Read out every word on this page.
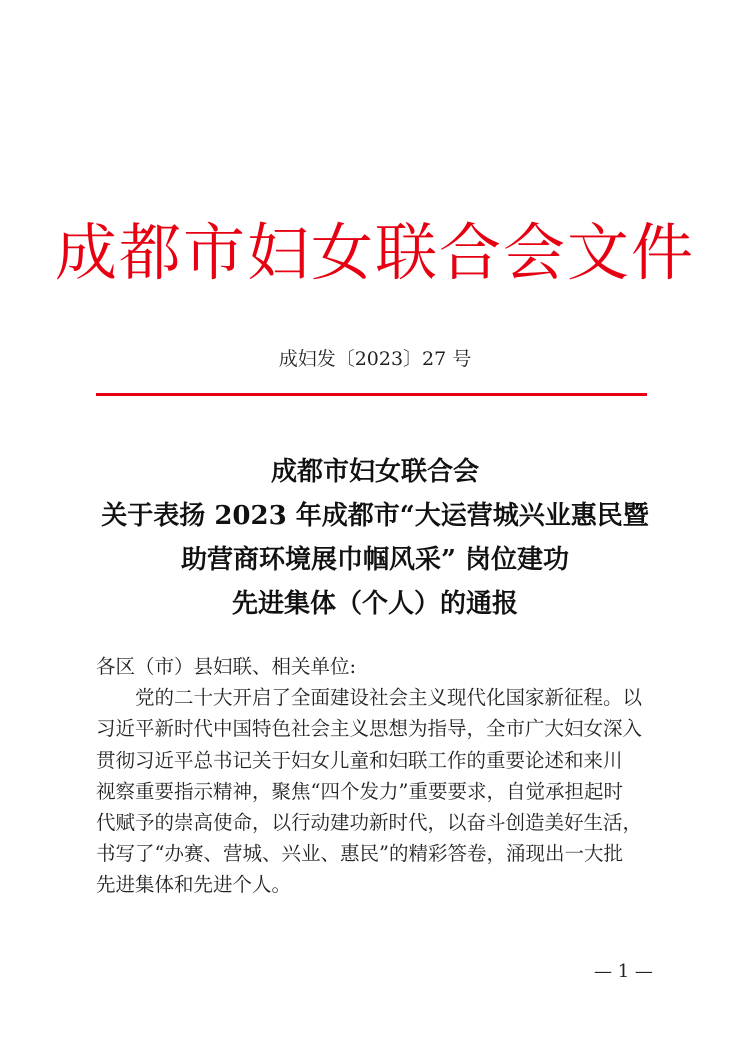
成都市妇女联合会文件
成妇发〔2023〕27 号
成都市妇女联合会
关于表扬 2023 年成都市“大运营城兴业惠民暨
助营商环境展巾帼风采” 岗位建功
先进集体（个人）的通报
各区（市）县妇联、相关单位:
　　党的二十大开启了全面建设社会主义现代化国家新征程。以
习近平新时代中国特色社会主义思想为指导，全市广大妇女深入
贯彻习近平总书记关于妇女儿童和妇联工作的重要论述和来川
视察重要指示精神，聚焦“四个发力”重要要求，自觉承担起时
代赋予的崇高使命，以行动建功新时代，以奋斗创造美好生活，
书写了“办赛、营城、兴业、惠民”的精彩答卷，涌现出一大批
先进集体和先进个人。
— 1 —
